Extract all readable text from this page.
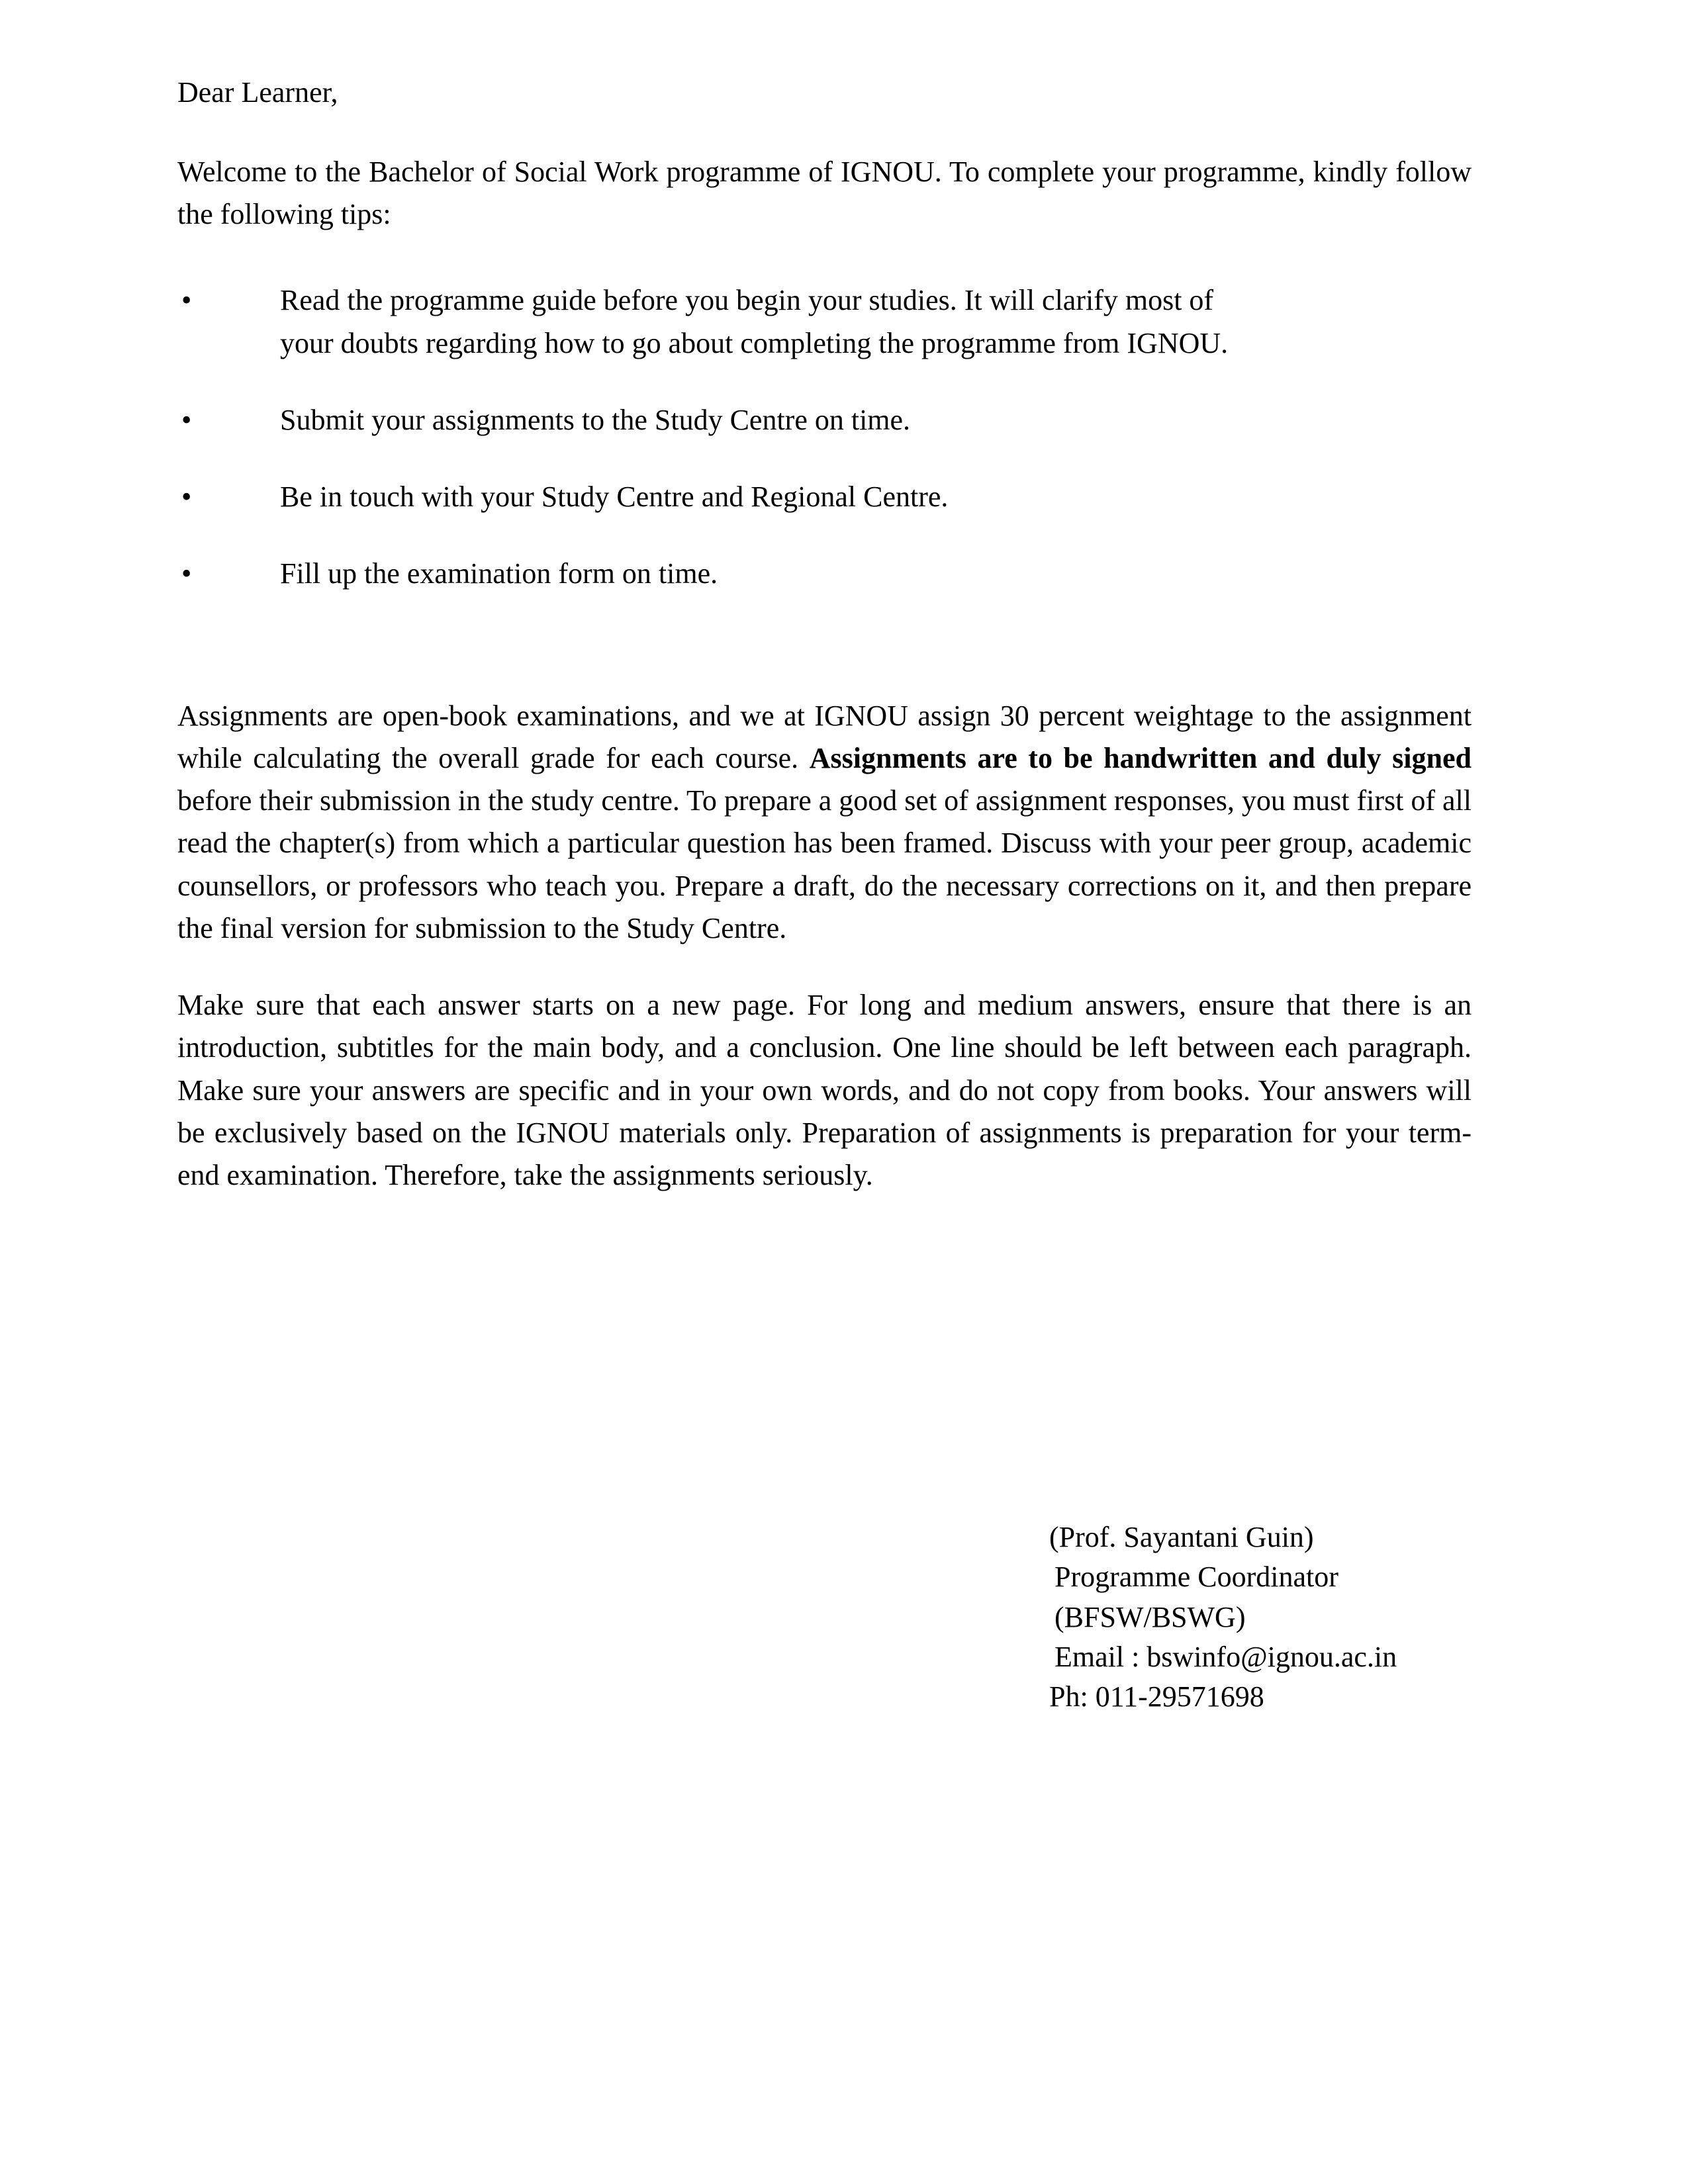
Dear Learner,

Welcome to the Bachelor of Social Work programme of IGNOU. To complete your programme, kindly follow the following tips:

•	Read the programme guide before you begin your studies. It will clarify most of your doubts regarding how to go about completing the programme from IGNOU.
•	Submit your assignments to the Study Centre on time.
•	Be in touch with your Study Centre and Regional Centre.
•	Fill up the examination form on time.

Assignments are open-book examinations, and we at IGNOU assign 30 percent weightage to the assignment while calculating the overall grade for each course. Assignments are to be handwritten and duly signed before their submission in the study centre. To prepare a good set of assignment responses, you must first of all read the chapter(s) from which a particular question has been framed. Discuss with your peer group, academic counsellors, or professors who teach you. Prepare a draft, do the necessary corrections on it, and then prepare the final version for submission to the Study Centre.

Make sure that each answer starts on a new page. For long and medium answers, ensure that there is an introduction, subtitles for the main body, and a conclusion. One line should be left between each paragraph. Make sure your answers are specific and in your own words, and do not copy from books. Your answers will be exclusively based on the IGNOU materials only. Preparation of assignments is preparation for your term-end examination. Therefore, take the assignments seriously.

(Prof. Sayantani Guin)
Programme Coordinator
(BFSW/BSWG)
Email : bswinfo@ignou.ac.in
Ph: 011-29571698
